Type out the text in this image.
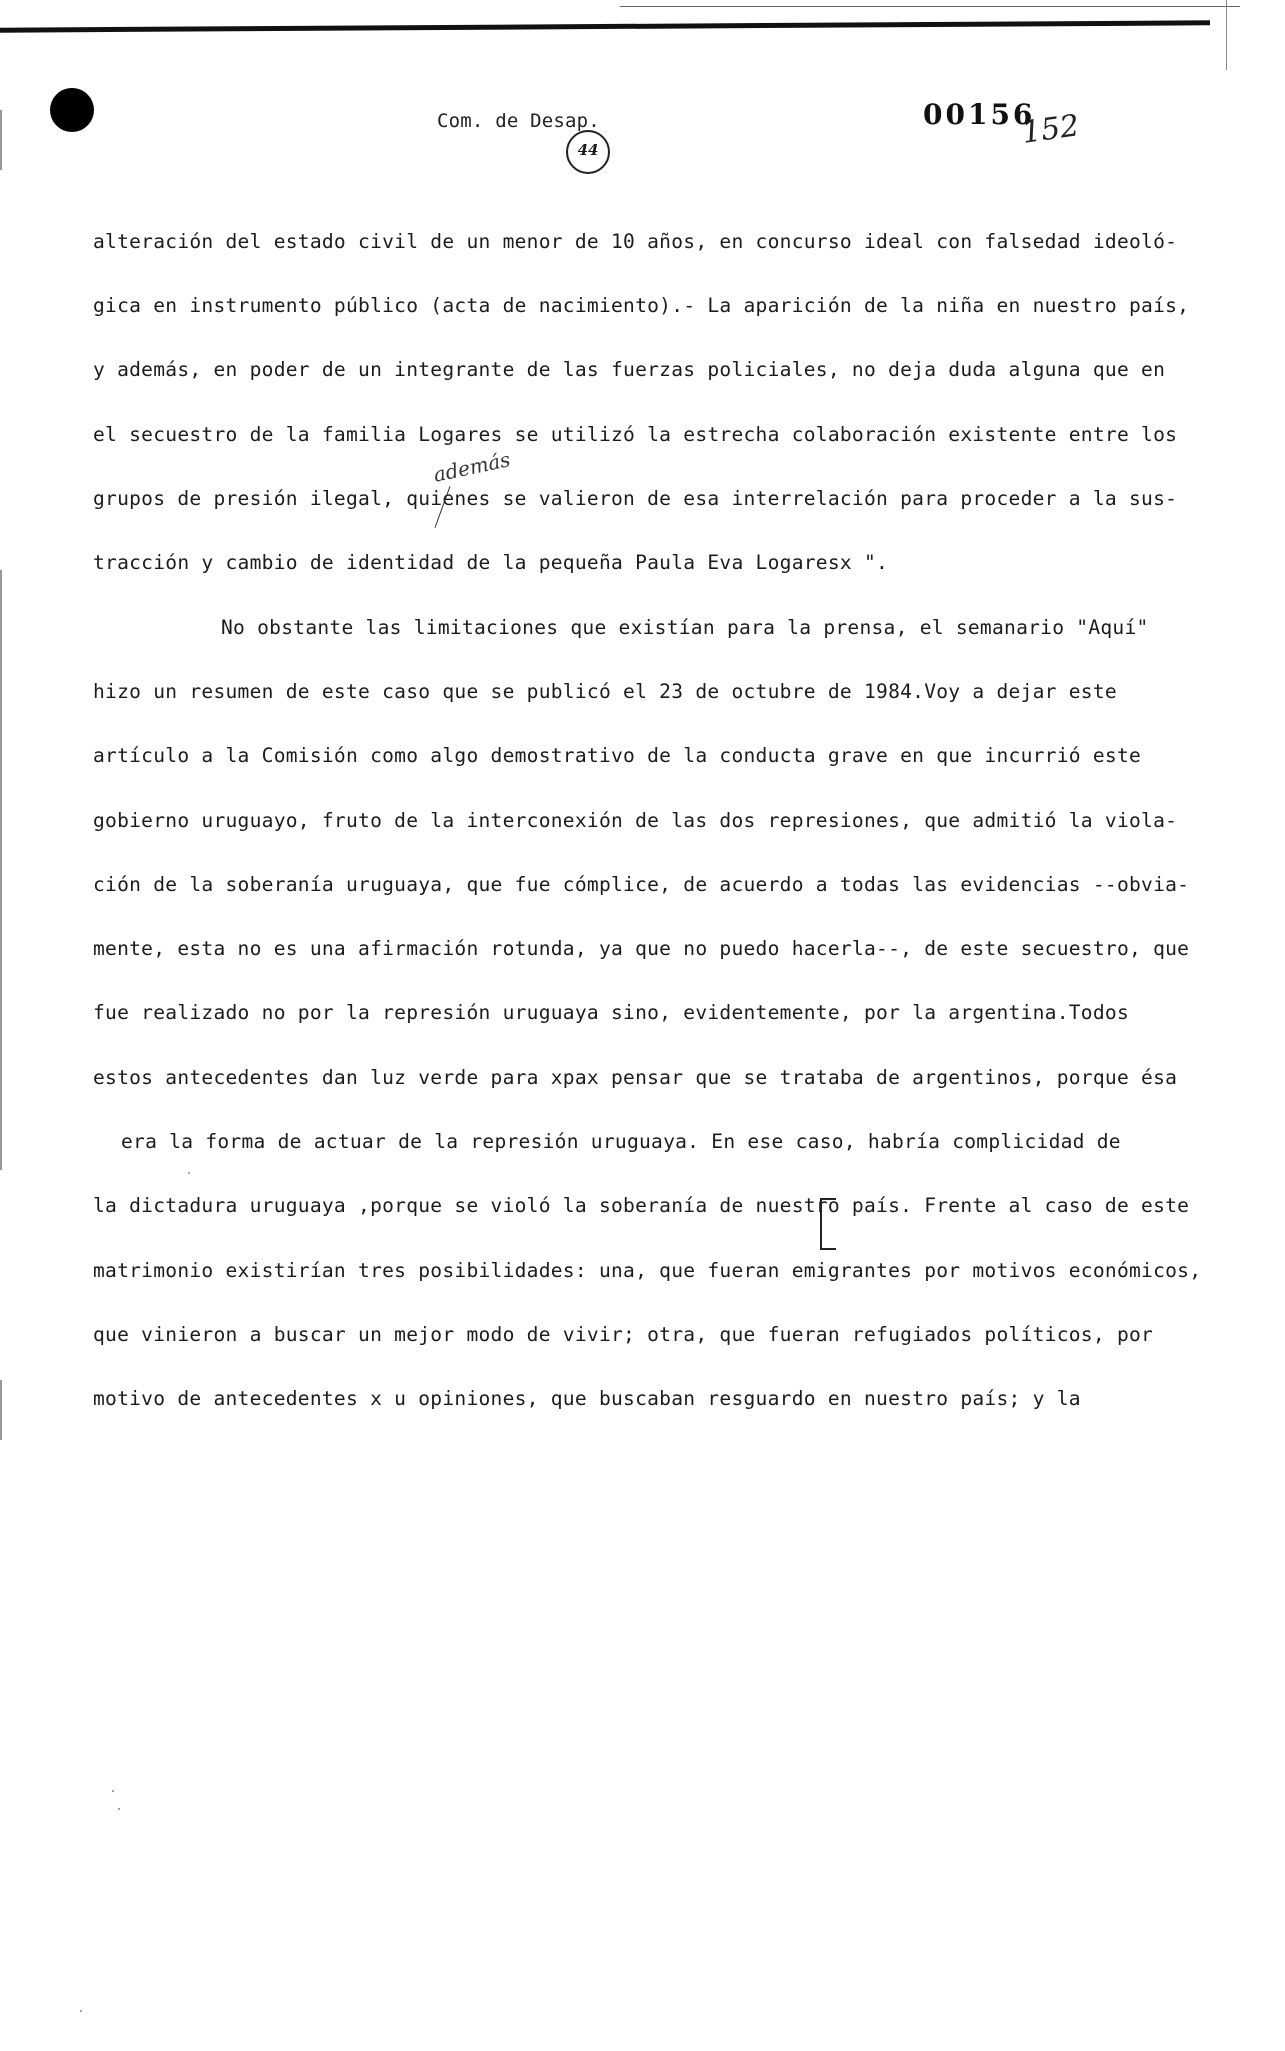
Com. de Desap.
44
00156
152
alteración del estado civil de un menor de 10 años, en concurso ideal con falsedad ideoló-
gica en instrumento público (acta de nacimiento).- La aparición de la niña en nuestro país,
y además, en poder de un integrante de las fuerzas policiales, no deja duda alguna que en
el secuestro de la familia Logares se utilizó la estrecha colaboración existente entre los
grupos de presión ilegal, quienes se valieron de esa interrelación para proceder a la sus-
tracción y cambio de identidad de la pequeña Paula Eva Logaresx ".
No obstante las limitaciones que existían para la prensa, el semanario "Aquí"
hizo un resumen de este caso que se publicó el 23 de octubre de 1984.Voy a dejar este
artículo a la Comisión como algo demostrativo de la conducta grave en que incurrió este
gobierno uruguayo, fruto de la interconexión de las dos represiones, que admitió la viola-
ción de la soberanía uruguaya, que fue cómplice, de acuerdo a todas las evidencias --obvia-
mente, esta no es una afirmación rotunda, ya que no puedo hacerla--, de este secuestro, que
fue realizado no por la represión uruguaya sino, evidentemente, por la argentina.Todos
estos antecedentes dan luz verde para xpax pensar que se trataba de argentinos, porque ésa
era la forma de actuar de la represión uruguaya. En ese caso, habría complicidad de
la dictadura uruguaya ,porque se violó la soberanía de nuestro país. Frente al caso de este
matrimonio existirían tres posibilidades: una, que fueran emigrantes por motivos económicos,
que vinieron a buscar un mejor modo de vivir; otra, que fueran refugiados políticos, por
motivo de antecedentes x u opiniones, que buscaban resguardo en nuestro país; y la
además
